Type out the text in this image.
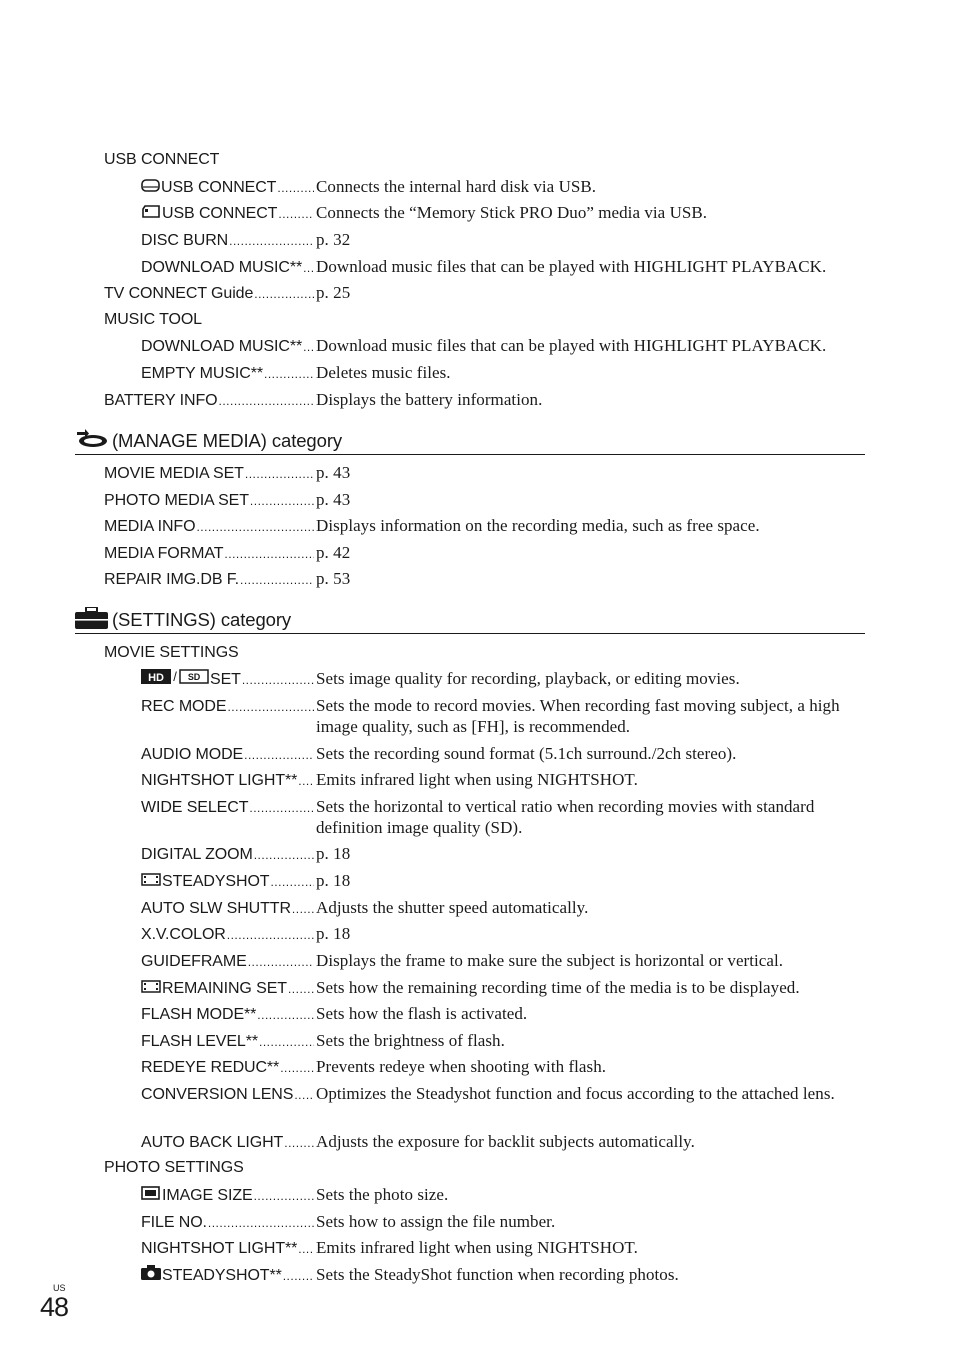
USB CONNECT
USB CONNECT ..... Connects the internal hard disk via USB.
USB CONNECT ..... Connects the “Memory Stick PRO Duo” media via USB.
DISC BURN .....	p. 32
DOWNLOAD MUSIC** ..... Download music files that can be played with HIGHLIGHT PLAYBACK.
TV CONNECT Guide .....	p. 25
MUSIC TOOL
DOWNLOAD MUSIC** ..... Download music files that can be played with HIGHLIGHT PLAYBACK.
EMPTY MUSIC** .....	Deletes music files.
BATTERY INFO .....	Displays the battery information.
(MANAGE MEDIA) category
MOVIE MEDIA SET .....	p. 43
PHOTO MEDIA SET .....	p. 43
MEDIA INFO .....	Displays information on the recording media, such as free space.
MEDIA FORMAT .....	p. 42
REPAIR IMG.DB F. .....	p. 53
(SETTINGS) category
MOVIE SETTINGS
HD / SD SET .....	Sets image quality for recording, playback, or editing movies.
REC MODE .....	Sets the mode to record movies. When recording fast moving subject, a high image quality, such as [FH], is recommended.
AUDIO MODE .....	Sets the recording sound format (5.1ch surround./2ch stereo).
NIGHTSHOT LIGHT** ..... Emits infrared light when using NIGHTSHOT.
WIDE SELECT .....	Sets the horizontal to vertical ratio when recording movies with standard definition image quality (SD).
DIGITAL ZOOM .....	p. 18
STEADYSHOT .....	p. 18
AUTO SLW SHUTTR ..... Adjusts the shutter speed automatically.
X.V.COLOR .....	p. 18
GUIDEFRAME .....	Displays the frame to make sure the subject is horizontal or vertical.
REMAINING SET ..... Sets how the remaining recording time of the media is to be displayed.
FLASH MODE** .....	Sets how the flash is activated.
FLASH LEVEL** .....	Sets the brightness of flash.
REDEYE REDUC** ..... Prevents redeye when shooting with flash.
CONVERSION LENS ..... Optimizes the Steadyshot function and focus according to the attached lens.
AUTO BACK LIGHT ..... Adjusts the exposure for backlit subjects automatically.
PHOTO SETTINGS
IMAGE SIZE .....	Sets the photo size.
FILE NO. .....	Sets how to assign the file number.
NIGHTSHOT LIGHT** ..... Emits infrared light when using NIGHTSHOT.
STEADYSHOT** ..... Sets the SteadyShot function when recording photos.
US
48
